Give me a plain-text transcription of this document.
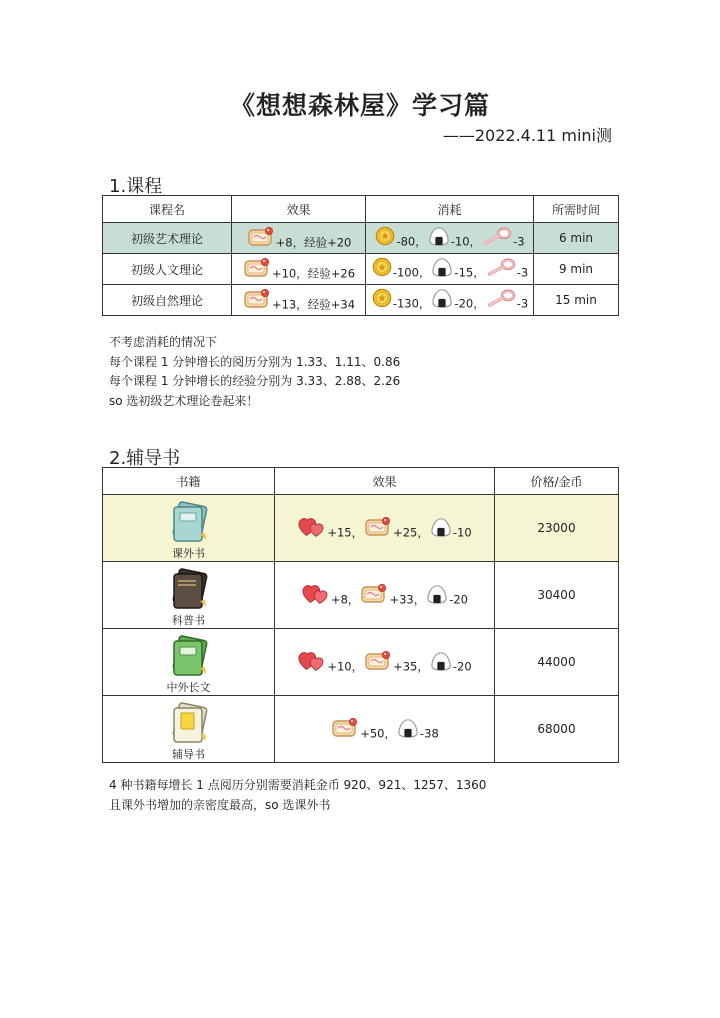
《想想森林屋》学习篇
——2022.4.11 mini测
1.课程
课程名	效果	消耗	所需时间
初级艺术理论	+8，经验+20	-80， -10， -3	6 min
初级人文理论	+10，经验+26	-100， -15， -3	9 min
初级自然理论	+13，经验+34	-130， -20， -3	15 min
不考虑消耗的情况下
每个课程 1 分钟增长的阅历分别为 1.33、1.11、0.86
每个课程 1 分钟增长的经验分别为 3.33、2.88、2.26
so 选初级艺术理论卷起来！
2.辅导书
书籍	效果	价格/金币

课外书	+15， +25， -10	23000

科普书	+8， +33， -20	30400

中外长文	+10， +35， -20	44000

辅导书	+50， -38	68000
4 种书籍每增长 1 点阅历分别需要消耗金币 920、921、1257、1360
且课外书增加的亲密度最高，so 选课外书
